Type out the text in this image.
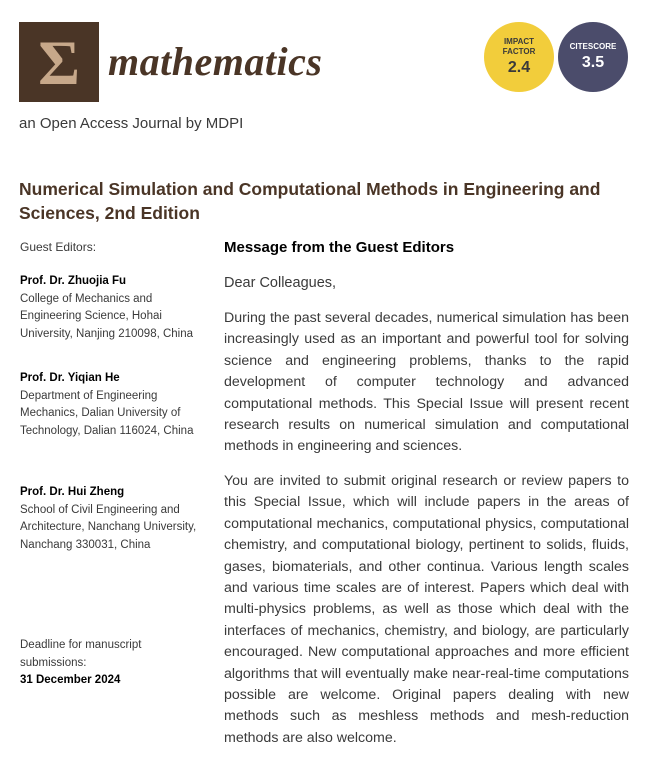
Σ mathematics
an Open Access Journal by MDPI
IMPACT
FACTOR
2.4
CITESCORE
3.5
Numerical Simulation and Computational Methods in Engineering and Sciences, 2nd Edition
Guest Editors:
Prof. Dr. Zhuojia Fu
College of Mechanics and Engineering Science, Hohai University, Nanjing 210098, China
Prof. Dr. Yiqian He
Department of Engineering Mechanics, Dalian University of Technology, Dalian 116024, China
Prof. Dr. Hui Zheng
School of Civil Engineering and Architecture, Nanchang University, Nanchang 330031, China
Deadline for manuscript submissions:
31 December 2024
Message from the Guest Editors
Dear Colleagues,

During the past several decades, numerical simulation has been increasingly used as an important and powerful tool for solving science and engineering problems, thanks to the rapid development of computer technology and advanced computational methods. This Special Issue will present recent research results on numerical simulation and computational methods in engineering and sciences.

You are invited to submit original research or review papers to this Special Issue, which will include papers in the areas of computational mechanics, computational physics, computational chemistry, and computational biology, pertinent to solids, fluids, gases, biomaterials, and other continua. Various length scales and various time scales are of interest. Papers which deal with multi-physics problems, as well as those which deal with the interfaces of mechanics, chemistry, and biology, are particularly encouraged. New computational approaches and more efficient algorithms that will eventually make near-real-time computations possible are welcome. Original papers dealing with new methods such as meshless methods and mesh-reduction methods are also welcome.
